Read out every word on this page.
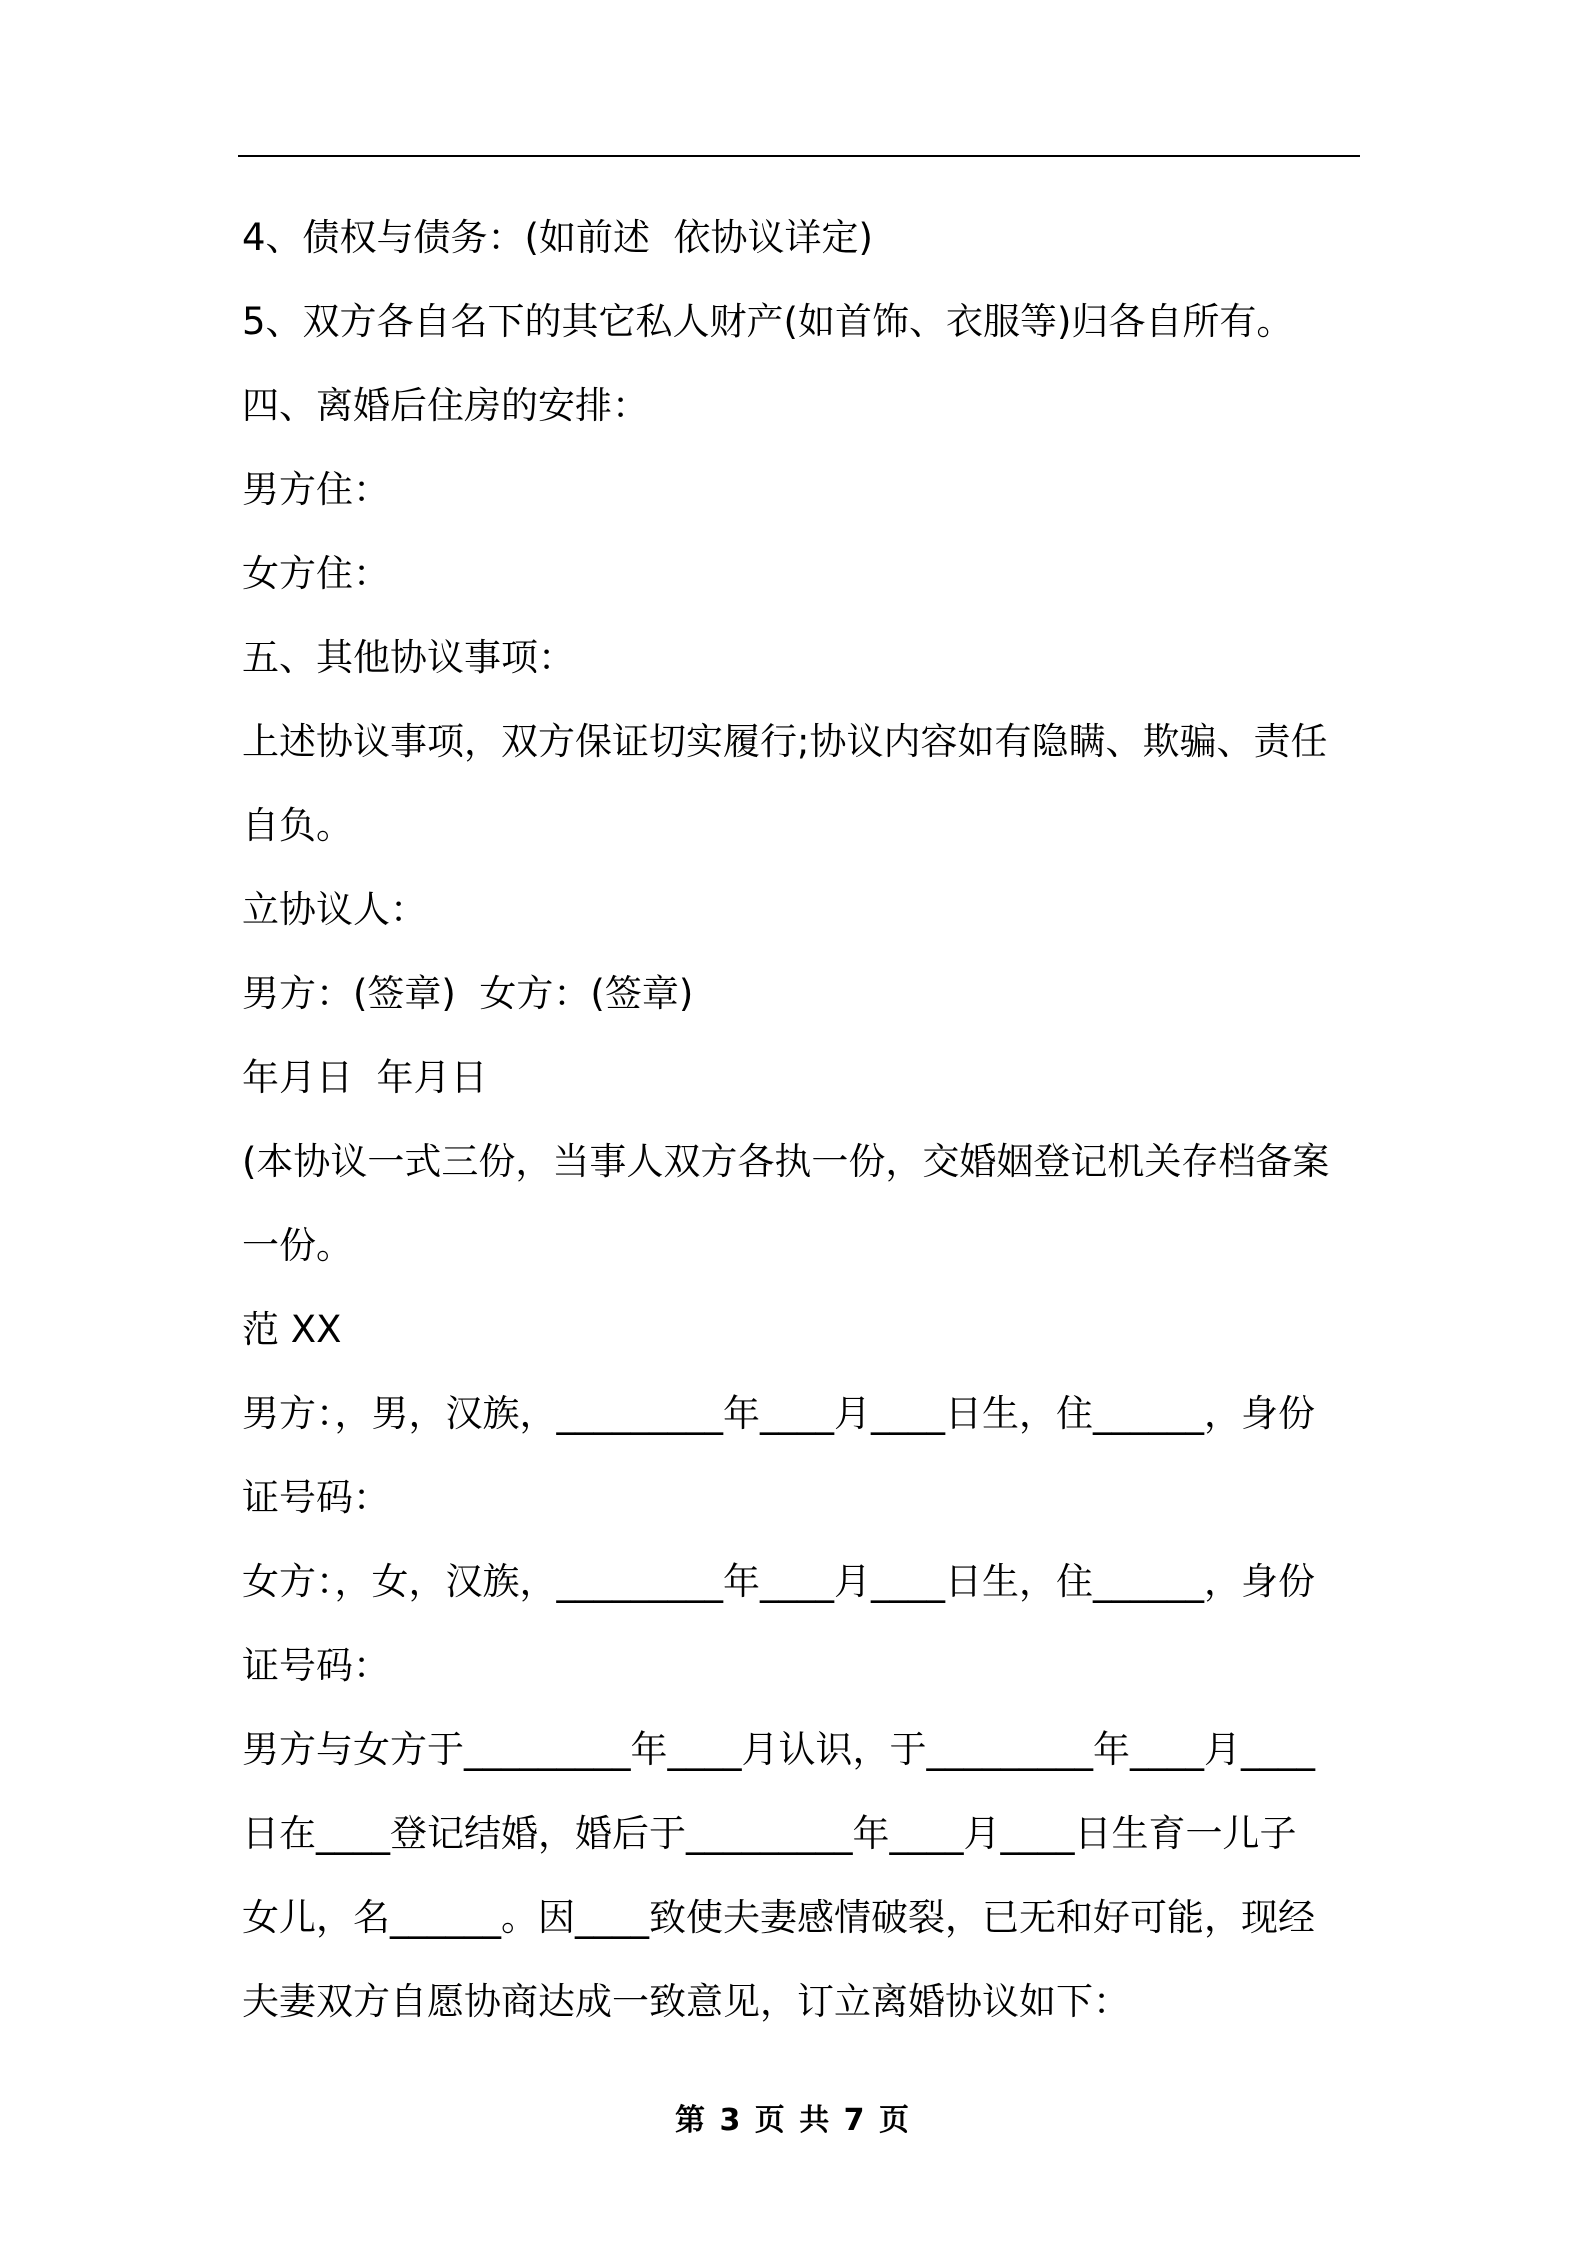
4、债权与债务：(如前述  依协议详定)
5、双方各自名下的其它私人财产(如首饰、衣服等)归各自所有。
四、离婚后住房的安排：
男方住：
女方住：
五、其他协议事项：
上述协议事项，双方保证切实履行;协议内容如有隐瞒、欺骗、责任
自负。
立协议人：
男方：(签章)  女方：(签章)
年月日  年月日
(本协议一式三份，当事人双方各执一份，交婚姻登记机关存档备案
一份。
范 XX
男方：，男，汉族，_________年____月____日生，住______，身份
证号码：
女方：，女，汉族，_________年____月____日生，住______，身份
证号码：
男方与女方于_________年____月认识，于_________年____月____
日在____登记结婚，婚后于_________年____月____日生育一儿子
女儿，名______。因____致使夫妻感情破裂，已无和好可能，现经
夫妻双方自愿协商达成一致意见，订立离婚协议如下：
第 3 页 共 7 页
